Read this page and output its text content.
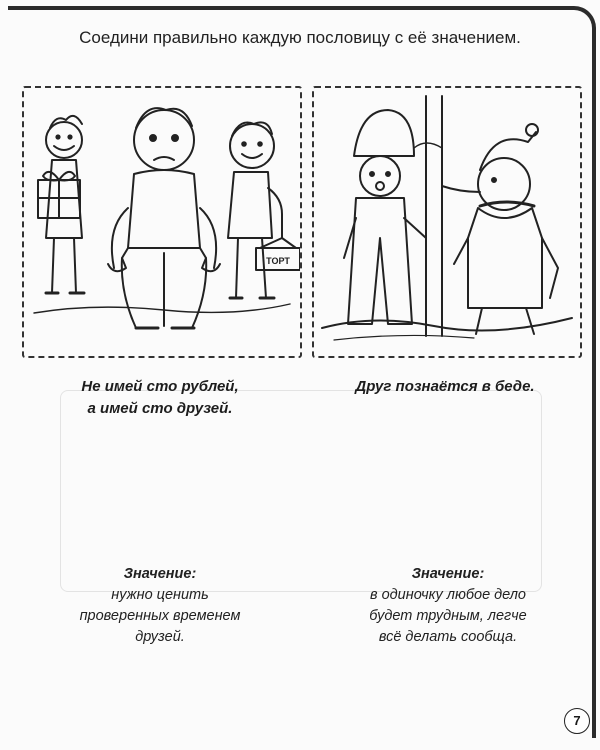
Соедини правильно каждую пословицу с её значением.
ТОРТ
Не имей сто рублей,
а имей сто друзей.
Друг познаётся в беде.
Значение:
нужно ценить
проверенных временем
друзей.
Значение:
в одиночку любое дело
будет трудным, легче
всё делать сообща.
7
